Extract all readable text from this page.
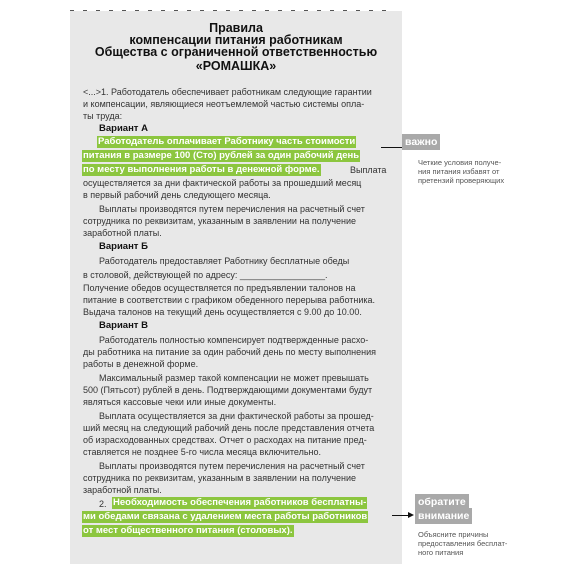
Правила
компенсации питания работникам
Общества с ограниченной ответственностью
«РОМАШКА»
<...>1. Работодатель обеспечивает работникам следующие гарантии
и компенсации, являющиеся неотъемлемой частью системы опла-
ты труда:
Вариант А
Работодатель оплачивает Работнику часть стоимости
питания в размере 100 (Сто) рублей за один рабочий день
по месту выполнения работы в денежной форме.	Выплата
осуществляется за дни фактической работы за прошедший месяц
в первый рабочий день следующего месяца.
Выплаты производятся путем перечисления на расчетный счет
сотрудника по реквизитам, указанным в заявлении на получение
заработной платы.
Вариант Б
Работодатель предоставляет Работнику бесплатные обеды
в столовой, действующей по адресу: _________________.
Получение обедов осуществляется по предъявлении талонов на
питание в соответствии с графиком обеденного перерыва работника.
Выдача талонов на текущий день осуществляется с 9.00 до 10.00.
Вариант В
Работодатель полностью компенсирует подтвержденные расхо-
ды работника на питание за один рабочий день по месту выполнения
работы в денежной форме.
Максимальный размер такой компенсации не может превышать
500 (Пятьсот) рублей в день. Подтверждающими документами будут
являться кассовые чеки или иные документы.
Выплата осуществляется за дни фактической работы за прошед-
ший месяц на следующий рабочий день после представления отчета
об израсходованных средствах. Отчет о расходах на питание пред-
ставляется не позднее 5-го числа месяца включительно.
Выплаты производятся путем перечисления на расчетный счет
сотрудника по реквизитам, указанным в заявлении на получение
заработной платы.
2. Необходимость обеспечения работников бесплатны-
ми обедами связана с удалением места работы работников
от мест общественного питания (столовых).
важно
Четкие условия получе-
ния питания избавят от
претензий проверяющих
обратите
внимание
Объясните причины
предоставления бесплат-
ного питания
